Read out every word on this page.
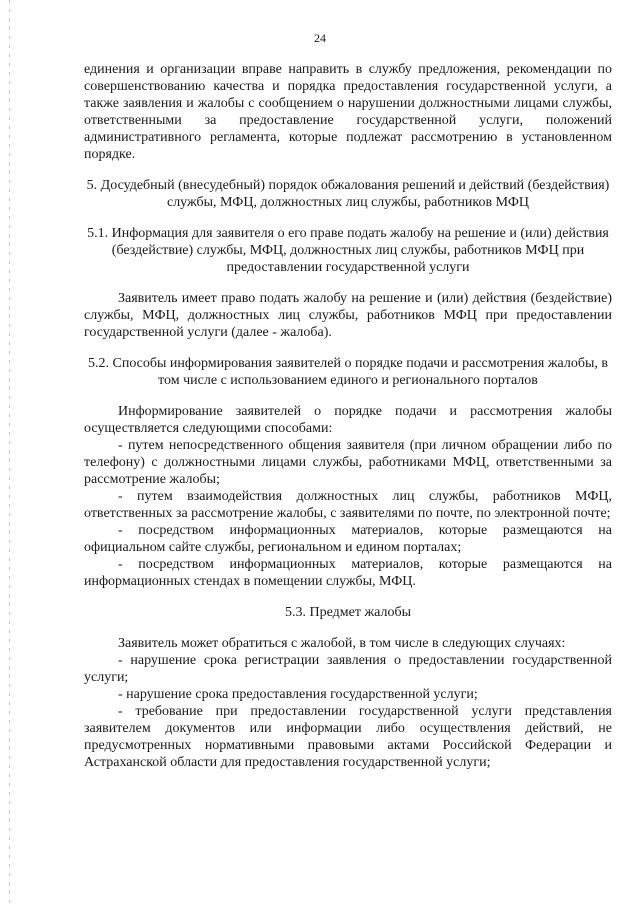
24

единения и организации вправе направить в службу предложения, рекомендации по совершенствованию качества и порядка предоставления государственной услуги, а также заявления и жалобы с сообщением о нарушении должностными лицами службы, ответственными за предоставление государственной услуги, положений административного регламента, которые подлежат рассмотрению в установленном порядке.

5. Досудебный (внесудебный) порядок обжалования решений и действий (бездействия) службы, МФЦ, должностных лиц службы, работников МФЦ

5.1. Информация для заявителя о его праве подать жалобу на решение и (или) действия (бездействие) службы, МФЦ, должностных лиц службы, работников МФЦ при предоставлении государственной услуги

Заявитель имеет право подать жалобу на решение и (или) действия (бездействие) службы, МФЦ, должностных лиц службы, работников МФЦ при предоставлении государственной услуги (далее - жалоба).

5.2. Способы информирования заявителей о порядке подачи и рассмотрения жалобы, в том числе с использованием единого и регионального порталов

Информирование заявителей о порядке подачи и рассмотрения жалобы осуществляется следующими способами:

- путем непосредственного общения заявителя (при личном обращении либо по телефону) с должностными лицами службы, работниками МФЦ, ответственными за рассмотрение жалобы;

- путем взаимодействия должностных лиц службы, работников МФЦ, ответственных за рассмотрение жалобы, с заявителями по почте, по электронной почте;

- посредством информационных материалов, которые размещаются на официальном сайте службы, региональном и едином порталах;

- посредством информационных материалов, которые размещаются на информационных стендах в помещении службы, МФЦ.

5.3. Предмет жалобы

Заявитель может обратиться с жалобой, в том числе в следующих случаях:

- нарушение срока регистрации заявления о предоставлении государственной услуги;

- нарушение срока предоставления государственной услуги;

- требование при предоставлении государственной услуги представления заявителем документов или информации либо осуществления действий, не предусмотренных нормативными правовыми актами Российской Федерации и Астраханской области для предоставления государственной услуги;
